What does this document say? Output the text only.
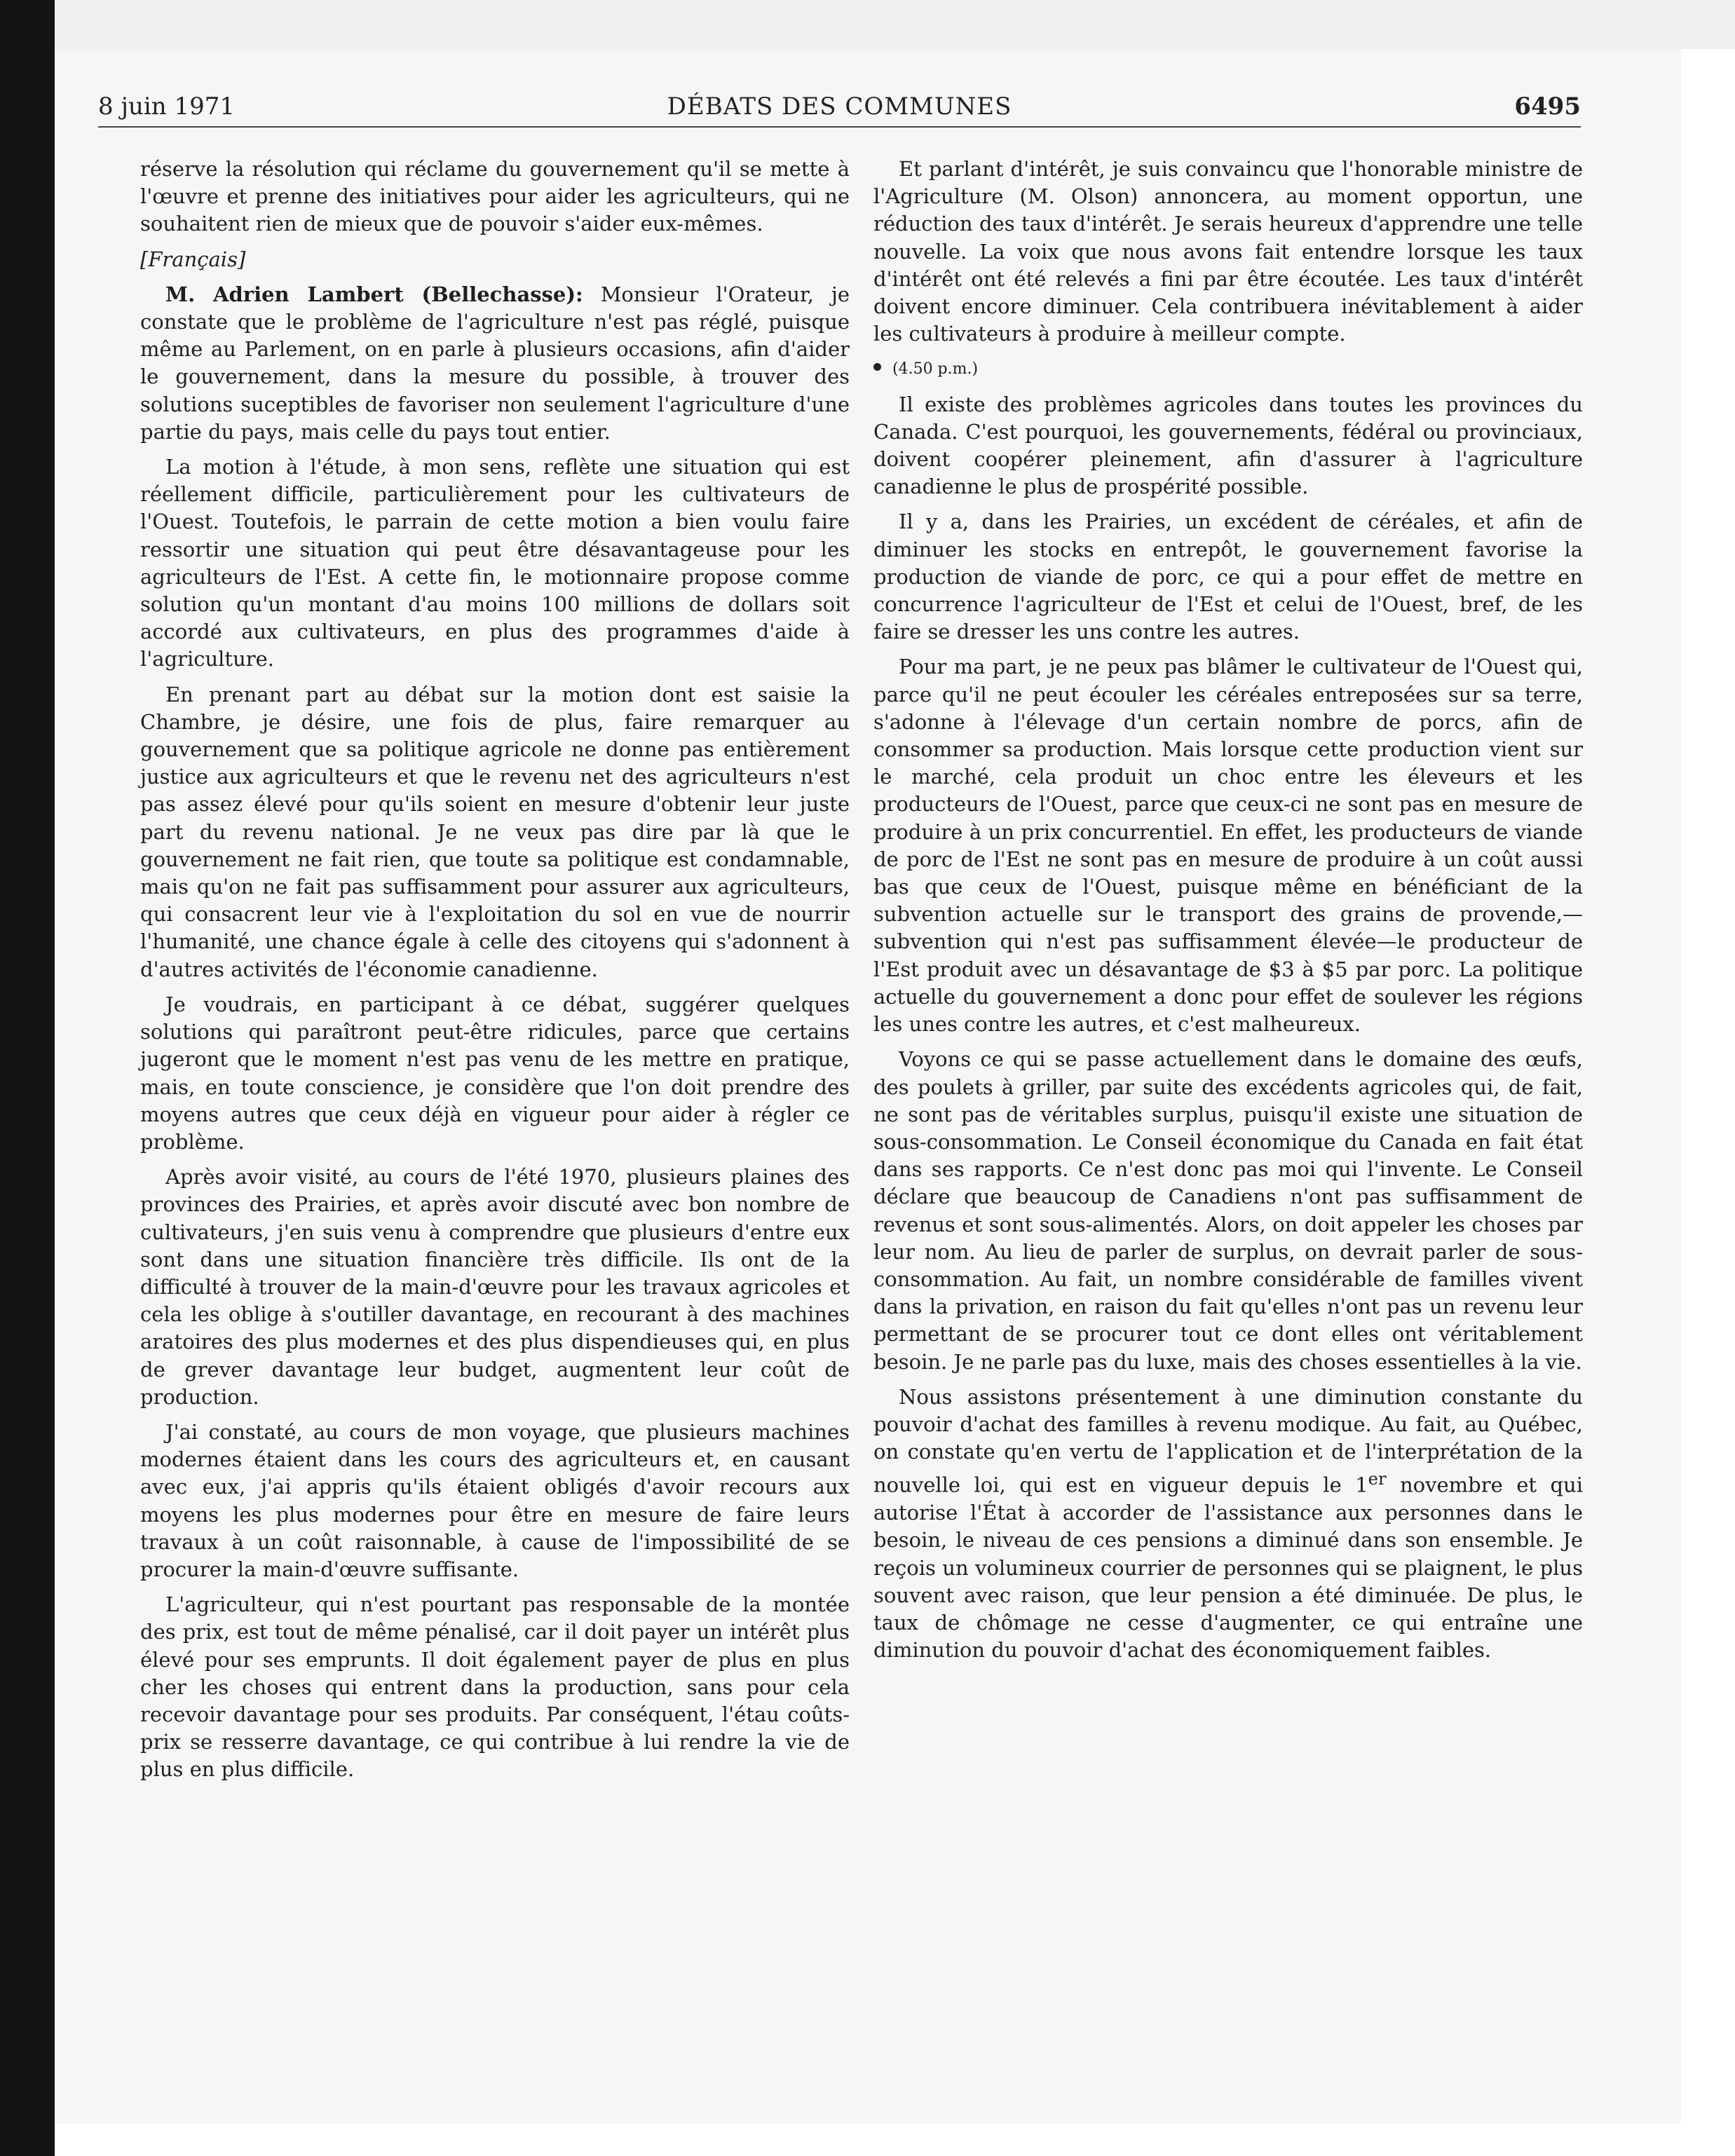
DÉBATS DES COMMUNES
8 juin 1971	6495

réserve la résolution qui réclame du gouvernement qu'il se mette à l'œuvre et prenne des initiatives pour aider les agriculteurs, qui ne souhaitent rien de mieux que de pouvoir s'aider eux-mêmes.

[Français]

M. Adrien Lambert (Bellechasse): Monsieur l'Orateur, je constate que le problème de l'agriculture n'est pas réglé, puisque même au Parlement, on en parle à plusieurs occasions, afin d'aider le gouvernement, dans la mesure du possible, à trouver des solutions suceptibles de favoriser non seulement l'agriculture d'une partie du pays, mais celle du pays tout entier.

La motion à l'étude, à mon sens, reflète une situation qui est réellement difficile, particulièrement pour les cultivateurs de l'Ouest. Toutefois, le parrain de cette motion a bien voulu faire ressortir une situation qui peut être désavantageuse pour les agriculteurs de l'Est. A cette fin, le motionnaire propose comme solution qu'un montant d'au moins 100 millions de dollars soit accordé aux cultivateurs, en plus des programmes d'aide à l'agriculture.

En prenant part au débat sur la motion dont est saisie la Chambre, je désire, une fois de plus, faire remarquer au gouvernement que sa politique agricole ne donne pas entièrement justice aux agriculteurs et que le revenu net des agriculteurs n'est pas assez élevé pour qu'ils soient en mesure d'obtenir leur juste part du revenu national. Je ne veux pas dire par là que le gouvernement ne fait rien, que toute sa politique est condamnable, mais qu'on ne fait pas suffisamment pour assurer aux agriculteurs, qui consacrent leur vie à l'exploitation du sol en vue de nourrir l'humanité, une chance égale à celle des citoyens qui s'adonnent à d'autres activités de l'économie canadienne.

Je voudrais, en participant à ce débat, suggérer quelques solutions qui paraîtront peut-être ridicules, parce que certains jugeront que le moment n'est pas venu de les mettre en pratique, mais, en toute conscience, je considère que l'on doit prendre des moyens autres que ceux déjà en vigueur pour aider à régler ce problème.

Après avoir visité, au cours de l'été 1970, plusieurs plaines des provinces des Prairies, et après avoir discuté avec bon nombre de cultivateurs, j'en suis venu à comprendre que plusieurs d'entre eux sont dans une situation financière très difficile. Ils ont de la difficulté à trouver de la main-d'œuvre pour les travaux agricoles et cela les oblige à s'outiller davantage, en recourant à des machines aratoires des plus modernes et des plus dispendieuses qui, en plus de grever davantage leur budget, augmentent leur coût de production.

J'ai constaté, au cours de mon voyage, que plusieurs machines modernes étaient dans les cours des agriculteurs et, en causant avec eux, j'ai appris qu'ils étaient obligés d'avoir recours aux moyens les plus modernes pour être en mesure de faire leurs travaux à un coût raisonnable, à cause de l'impossibilité de se procurer la main-d'œuvre suffisante.

L'agriculteur, qui n'est pourtant pas responsable de la montée des prix, est tout de même pénalisé, car il doit payer un intérêt plus élevé pour ses emprunts. Il doit également payer de plus en plus cher les choses qui entrent dans la production, sans pour cela recevoir davantage pour ses produits. Par conséquent, l'étau coûts-prix se resserre davantage, ce qui contribue à lui rendre la vie de plus en plus difficile.

Et parlant d'intérêt, je suis convaincu que l'honorable ministre de l'Agriculture (M. Olson) annoncera, au moment opportun, une réduction des taux d'intérêt. Je serais heureux d'apprendre une telle nouvelle. La voix que nous avons fait entendre lorsque les taux d'intérêt ont été relevés a fini par être écoutée. Les taux d'intérêt doivent encore diminuer. Cela contribuera inévitablement à aider les cultivateurs à produire à meilleur compte.

(4.50 p.m.)

Il existe des problèmes agricoles dans toutes les provinces du Canada. C'est pourquoi, les gouvernements, fédéral ou provinciaux, doivent coopérer pleinement, afin d'assurer à l'agriculture canadienne le plus de prospérité possible.

Il y a, dans les Prairies, un excédent de céréales, et afin de diminuer les stocks en entrepôt, le gouvernement favorise la production de viande de porc, ce qui a pour effet de mettre en concurrence l'agriculteur de l'Est et celui de l'Ouest, bref, de les faire se dresser les uns contre les autres.

Pour ma part, je ne peux pas blâmer le cultivateur de l'Ouest qui, parce qu'il ne peut écouler les céréales entreposées sur sa terre, s'adonne à l'élevage d'un certain nombre de porcs, afin de consommer sa production. Mais lorsque cette production vient sur le marché, cela produit un choc entre les éleveurs et les producteurs de l'Ouest, parce que ceux-ci ne sont pas en mesure de produire à un prix concurrentiel. En effet, les producteurs de viande de porc de l'Est ne sont pas en mesure de produire à un coût aussi bas que ceux de l'Ouest, puisque même en bénéficiant de la subvention actuelle sur le transport des grains de provende,—subvention qui n'est pas suffisamment élevée—le producteur de l'Est produit avec un désavantage de $3 à $5 par porc. La politique actuelle du gouvernement a donc pour effet de soulever les régions les unes contre les autres, et c'est malheureux.

Voyons ce qui se passe actuellement dans le domaine des œufs, des poulets à griller, par suite des excédents agricoles qui, de fait, ne sont pas de véritables surplus, puisqu'il existe une situation de sous-consommation. Le Conseil économique du Canada en fait état dans ses rapports. Ce n'est donc pas moi qui l'invente. Le Conseil déclare que beaucoup de Canadiens n'ont pas suffisamment de revenus et sont sous-alimentés. Alors, on doit appeler les choses par leur nom. Au lieu de parler de surplus, on devrait parler de sous-consommation. Au fait, un nombre considérable de familles vivent dans la privation, en raison du fait qu'elles n'ont pas un revenu leur permettant de se procurer tout ce dont elles ont véritablement besoin. Je ne parle pas du luxe, mais des choses essentielles à la vie.

Nous assistons présentement à une diminution constante du pouvoir d'achat des familles à revenu modique. Au fait, au Québec, on constate qu'en vertu de l'application et de l'interprétation de la nouvelle loi, qui est en vigueur depuis le 1er novembre et qui autorise l'État à accorder de l'assistance aux personnes dans le besoin, le niveau de ces pensions a diminué dans son ensemble. Je reçois un volumineux courrier de personnes qui se plaignent, le plus souvent avec raison, que leur pension a été diminuée. De plus, le taux de chômage ne cesse d'augmenter, ce qui entraîne une diminution du pouvoir d'achat des économiquement faibles.
